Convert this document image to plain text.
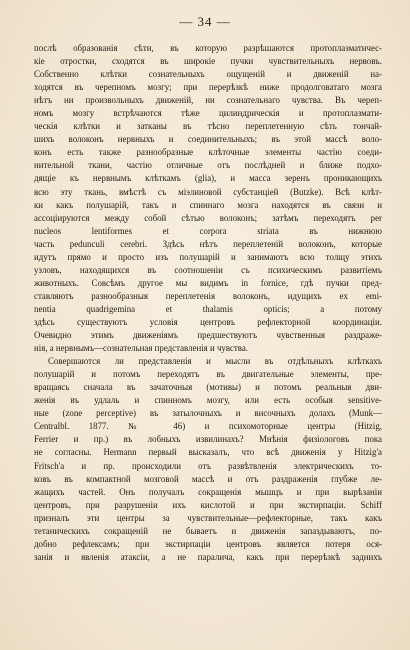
— 34 —
послѣ образованія сѣти, въ которую разрѣшаются протоплазматичес-
кіе отростки, сходятся въ широкіе пучки чувствительныхъ нервовъ.
Собственно клѣтки сознательныхъ ощущеній и движеній на-
ходятся въ черепномъ мозгу; при перерѣзкѣ ниже продолговатаго мозга
нѣтъ ни произвольныхъ движеній, ни сознательнаго чувства. Въ череп-
номъ мозгу встрѣчаются тѣже цилиндрическія и протоплазмати-
ческія клѣтки и затканы въ тѣсно переплетенную сѣть тончай-
шихъ волоконъ нервныхъ и соединительныхъ; въ этой массѣ воло-
конъ есть также разнообразные клѣточные элементы частію соеди-
нительной ткани, частію отличные отъ послѣдней и ближе подхо-
дящіе къ нервнымъ клѣткамъ (glia), и масса зеренъ проникающихъ
всю эту ткань, вмѣстѣ съ міэлиновой субстанціей (Butzke). Всѣ клѣт-
ки какъ полушарій, такъ и спиннаго мозга находятся въ связи и
ассоціируются между собой сѣтью волоконъ; затѣмъ переходятъ per
nucleos lentiformes et corpora striata въ нижнюю
часть pedunculi cerebri. Здѣсь нѣтъ переплетеній волоконъ, которые
идутъ прямо и просто изъ полушарій и занимаютъ всю толщу этихъ
узловъ, находящихся въ соотношеніи съ психическимъ развитіемъ
животныхъ. Совсѣмъ другое мы видимъ in fornice, гдѣ пучки пред-
ставляютъ разнообразныя переплетенія волоконъ, идущихъ ex emi-
nentia quadrigemina et thalamis opticis; а потому
здѣсь существуютъ условія центровъ рефлекторной координаціи.
Очевидно этимъ движеніямъ предшествуютъ чувственныя раздраже-
нія, а нервнымъ—сознательная представленія и чувства.
Совершаются ли представленія и мысли въ отдѣльныхъ клѣткахъ
полушарій и потомъ переходятъ въ двигательные элементы, пре-
вращаясь сначала въ зачаточныя (мотивы) и потомъ реальныя дви-
женія въ удлаль и спинномъ мозгу, или есть особыя sensitive-
ные (zone perceptive) въ затылочныхъ и височныхъ долахъ (Munk—
Centralbl. 1877. № 46) и психомоторные центры (Hitzig,
Ferrier и пр.) въ лобныхъ извилинахъ? Мнѣнія физіологовъ пока
не согласны. Hermann первый высказалъ, что всѣ движенія у Hitzig'a
Fritsch'a и пр. происходили отъ развѣтвленія электрическихъ то-
ковъ въ компактной мозговой массѣ и отъ раздраженія глубже ле-
жащихъ частей. Онъ получалъ сокращенія мышцъ и при вырѣзаніи
центровъ, при разрушеніи ихъ кислотой и при экстирпаціи. Schiff
призналъ эти центры за чувствительные—рефлекторные, такъ какъ
тетаническихъ сокращеній не бываетъ и движенія запаздываютъ, по-
добно рефлексамъ; при экстирпаціи центровъ является потеря ося-
занія и явленія атаксіи, а не паралича, какъ при перерѣзкѣ заднихъ
